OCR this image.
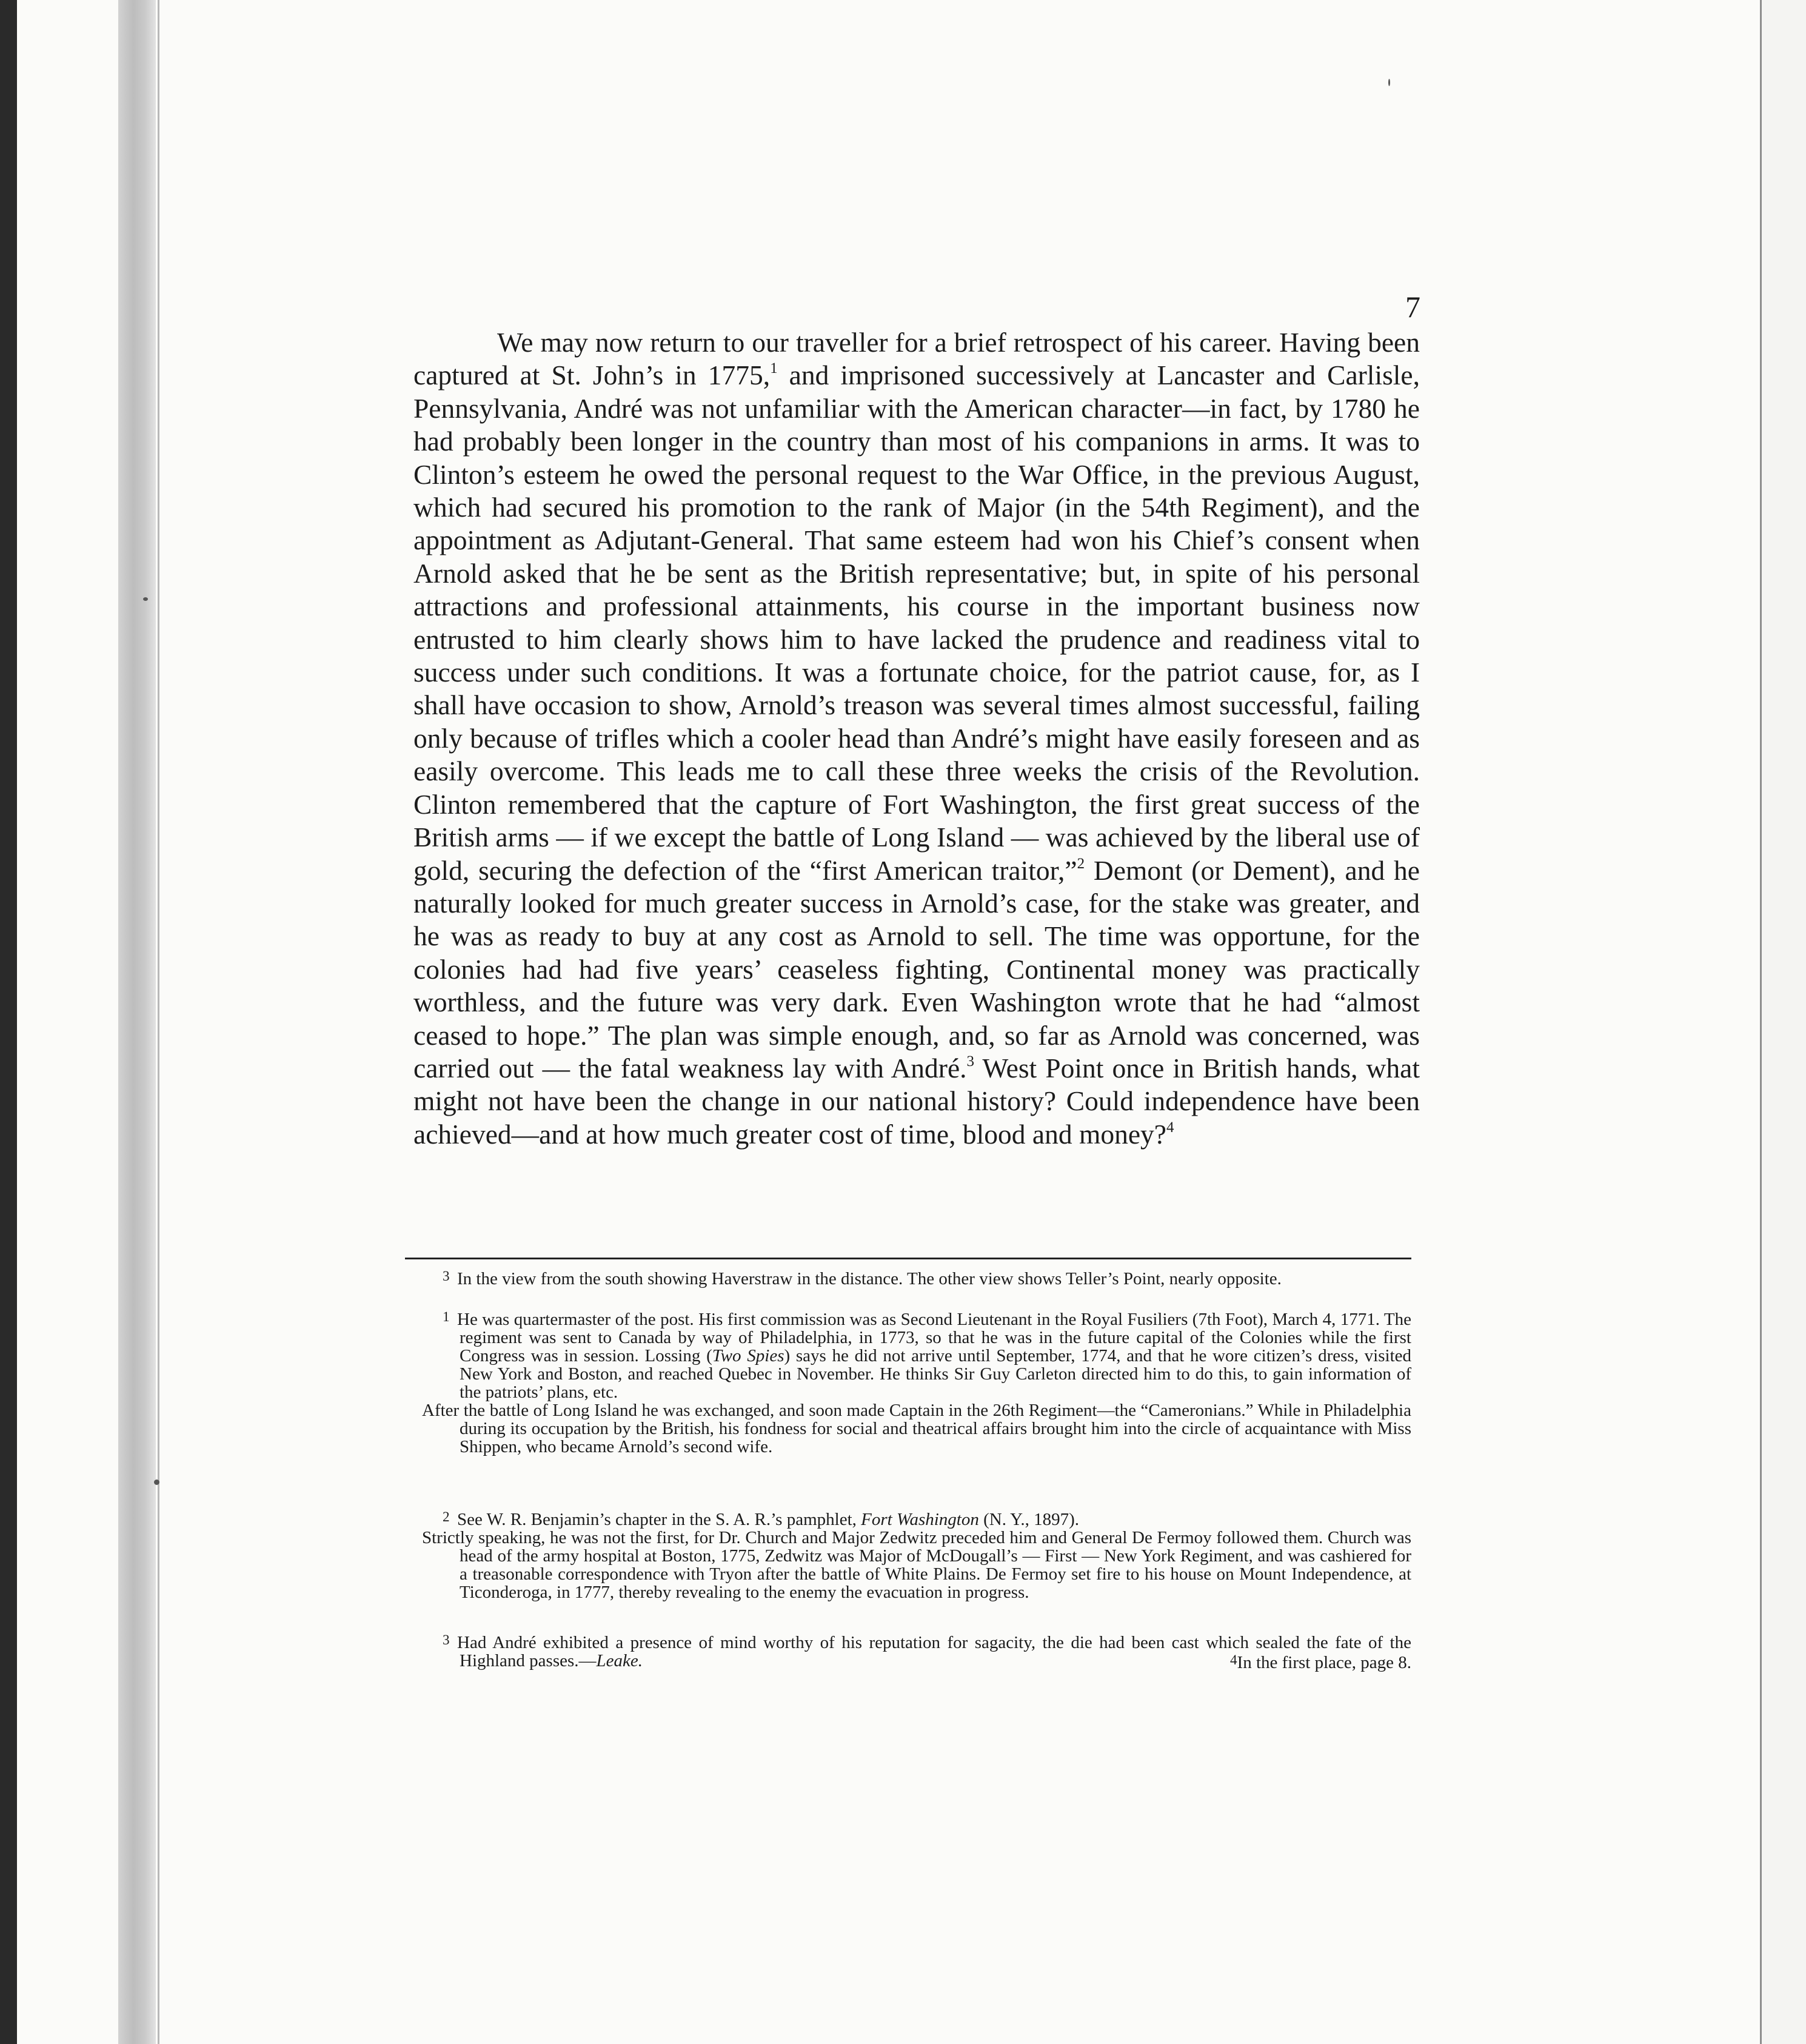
7

We may now return to our traveller for a brief retrospect of his career. Having been captured at St. John’s in 1775,$^1$ and imprisoned successively at Lancaster and Carlisle, Pennsylvania, André was not unfamiliar with the American character—in fact, by 1780 he had probably been longer in the country than most of his companions in arms. It was to Clinton’s esteem he owed the personal request to the War Office, in the previous August, which had secured his promotion to the rank of Major (in the 54th Regiment), and the appointment as Adjutant-General. That same esteem had won his Chief’s consent when Arnold asked that he be sent as the British representative; but, in spite of his personal attractions and professional attainments, his course in the important business now entrusted to him clearly shows him to have lacked the prudence and readiness vital to success under such conditions. It was a fortunate choice, for the patriot cause, for, as I shall have occasion to show, Arnold’s treason was several times almost successful, failing only because of trifles which a cooler head than André’s might have easily foreseen and as easily overcome. This leads me to call these three weeks the crisis of the Revolution. Clinton remembered that the capture of Fort Washington, the first great success of the British arms — if we except the battle of Long Island — was achieved by the liberal use of gold, securing the defection of the “first American traitor,”$^2$ Demont (or Dement), and he naturally looked for much greater success in Arnold’s case, for the stake was greater, and he was as ready to buy at any cost as Arnold to sell. The time was opportune, for the colonies had had five years’ ceaseless fighting, Continental money was practically worthless, and the future was very dark. Even Washington wrote that he had “almost ceased to hope.” The plan was simple enough, and, so far as Arnold was concerned, was carried out — the fatal weakness lay with André.$^3$ West Point once in British hands, what might not have been the change in our national history? Could independence have been achieved—and at how much greater cost of time, blood and money?$^4$

3 In the view from the south showing Haverstraw in the distance. The other view shows Teller’s Point, nearly opposite.

1 He was quartermaster of the post. His first commission was as Second Lieutenant in the Royal Fusiliers (7th Foot), March 4, 1771. The regiment was sent to Canada by way of Philadelphia, in 1773, so that he was in the future capital of the Colonies while the first Congress was in session. Lossing (Two Spies) says he did not arrive until September, 1774, and that he wore citizen’s dress, visited New York and Boston, and reached Quebec in November. He thinks Sir Guy Carleton directed him to do this, to gain information of the patriots’ plans, etc.

After the battle of Long Island he was exchanged, and soon made Captain in the 26th Regiment—the “Cameronians.” While in Philadelphia during its occupation by the British, his fondness for social and theatrical affairs brought him into the circle of acquaintance with Miss Shippen, who became Arnold’s second wife.

2 See W. R. Benjamin’s chapter in the S. A. R.’s pamphlet, Fort Washington (N. Y., 1897).

Strictly speaking, he was not the first, for Dr. Church and Major Zedwitz preceded him and General De Fermoy followed them. Church was head of the army hospital at Boston, 1775, Zedwitz was Major of McDougall’s — First — New York Regiment, and was cashiered for a treasonable correspondence with Tryon after the battle of White Plains. De Fermoy set fire to his house on Mount Independence, at Ticonderoga, in 1777, thereby revealing to the enemy the evacuation in progress.

3 Had André exhibited a presence of mind worthy of his reputation for sagacity, the die had been cast which sealed the fate of the Highland passes.—Leake.	4In the first place, page 8.
